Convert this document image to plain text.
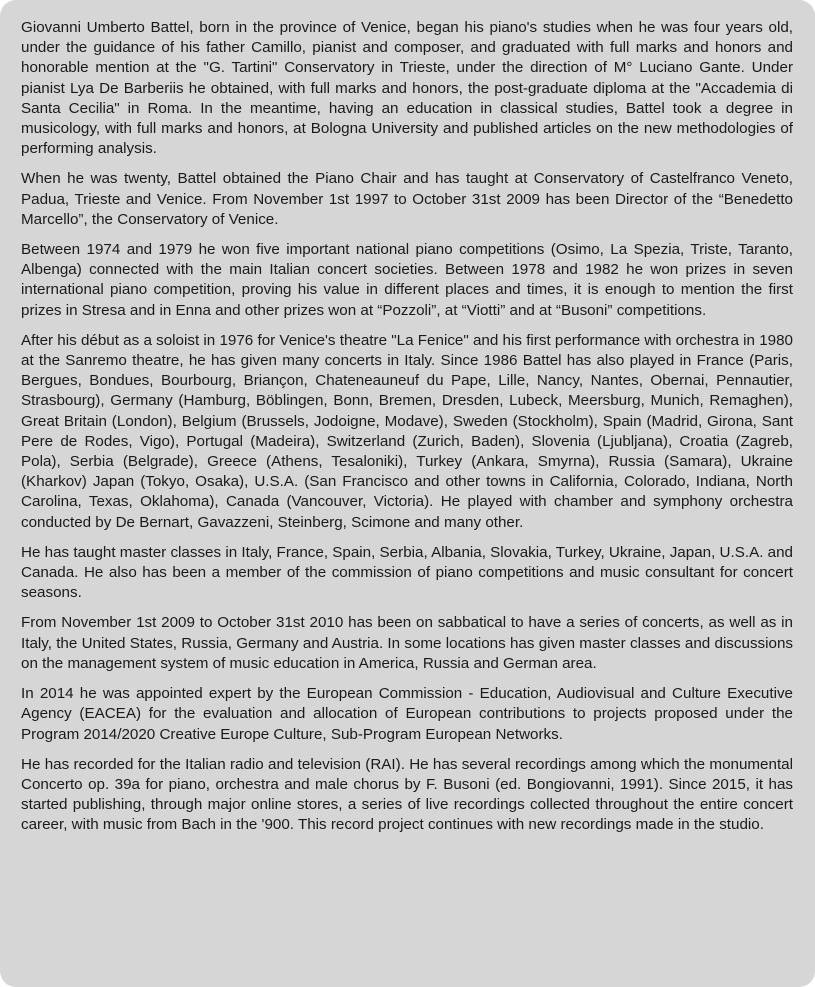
Giovanni Umberto Battel, born in the province of Venice, began his piano's studies when he was four years old, under the guidance of his father Camillo, pianist and composer, and graduated with full marks and honors and honorable mention at the "G. Tartini" Conservatory in Trieste, under the direction of M° Luciano Gante. Under pianist Lya De Barberiis he obtained, with full marks and honors, the post-graduate diploma at the "Accademia di Santa Cecilia" in Roma. In the meantime, having an education in classical studies, Battel took a degree in musicology, with full marks and honors, at Bologna University and published articles on the new methodologies of performing analysis.

When he was twenty, Battel obtained the Piano Chair and has taught at Conservatory of Castelfranco Veneto, Padua, Trieste and Venice. From November 1st 1997 to October 31st 2009 has been Director of the “Benedetto Marcello”, the Conservatory of Venice.

Between 1974 and 1979 he won five important national piano competitions (Osimo, La Spezia, Triste, Taranto, Albenga) connected with the main Italian concert societies. Between 1978 and 1982 he won prizes in seven international piano competition, proving his value in different places and times, it is enough to mention the first prizes in Stresa and in Enna and other prizes won at “Pozzoli”, at “Viotti” and at “Busoni” competitions.

After his début as a soloist in 1976 for Venice's theatre "La Fenice" and his first performance with orchestra in 1980 at the Sanremo theatre, he has given many concerts in Italy. Since 1986 Battel has also played in France (Paris, Bergues, Bondues, Bourbourg, Briançon, Chateneauneuf du Pape, Lille, Nancy, Nantes, Obernai, Pennautier, Strasbourg), Germany (Hamburg, Böblingen, Bonn, Bremen, Dresden, Lubeck, Meersburg, Munich, Remaghen), Great Britain (London), Belgium (Brussels, Jodoigne, Modave), Sweden (Stockholm), Spain (Madrid, Girona, Sant Pere de Rodes, Vigo), Portugal (Madeira), Switzerland (Zurich, Baden), Slovenia (Ljubljana), Croatia (Zagreb, Pola), Serbia (Belgrade), Greece (Athens, Tesaloniki), Turkey (Ankara, Smyrna), Russia (Samara), Ukraine (Kharkov) Japan (Tokyo, Osaka), U.S.A. (San Francisco and other towns in California, Colorado, Indiana, North Carolina, Texas, Oklahoma), Canada (Vancouver, Victoria). He played with chamber and symphony orchestra conducted by De Bernart, Gavazzeni, Steinberg, Scimone and many other.

He has taught master classes in Italy, France, Spain, Serbia, Albania, Slovakia, Turkey, Ukraine, Japan, U.S.A. and Canada. He also has been a member of the commission of piano competitions and music consultant for concert seasons.

From November 1st 2009 to October 31st 2010 has been on sabbatical to have a series of concerts, as well as in Italy, the United States, Russia, Germany and Austria. In some locations has given master classes and discussions on the management system of music education in America, Russia and German area.

In 2014 he was appointed expert by the European Commission - Education, Audiovisual and Culture Executive Agency (EACEA) for the evaluation and allocation of European contributions to projects proposed under the Program 2014/2020 Creative Europe Culture, Sub-Program European Networks.

He has recorded for the Italian radio and television (RAI). He has several recordings among which the monumental Concerto op. 39a for piano, orchestra and male chorus by F. Busoni (ed. Bongiovanni, 1991). Since 2015, it has started publishing, through major online stores, a series of live recordings collected throughout the entire concert career, with music from Bach in the '900. This record project continues with new recordings made in the studio.
